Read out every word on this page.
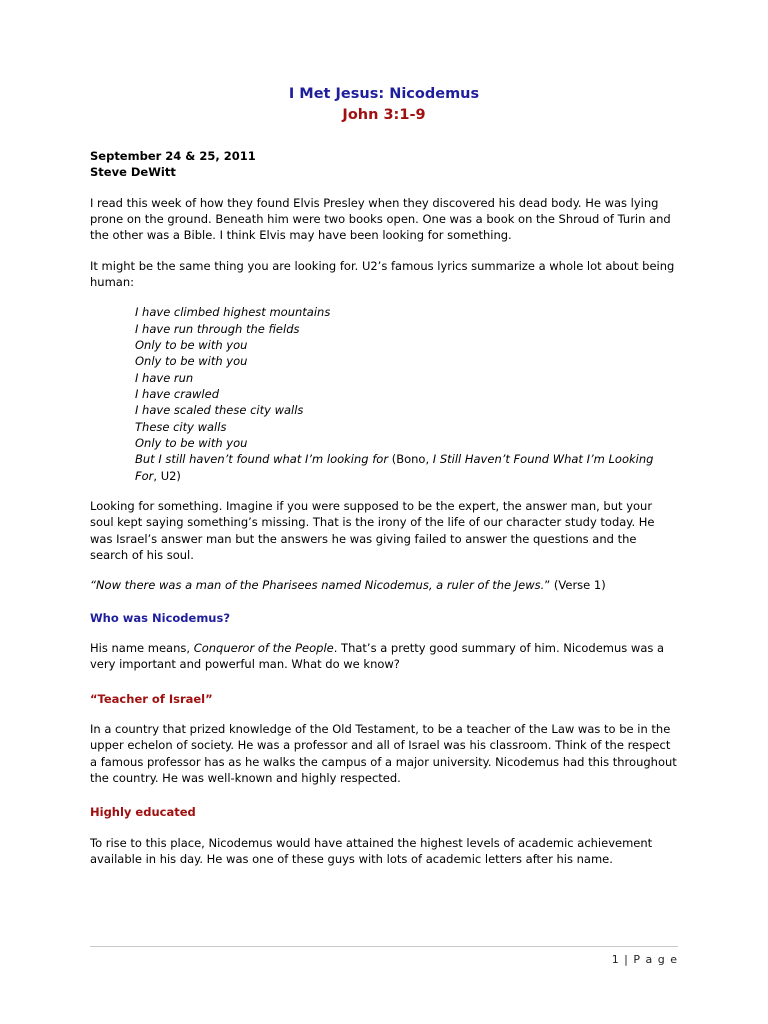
I Met Jesus: Nicodemus
John 3:1-9
September 24 & 25, 2011
Steve DeWitt

I read this week of how they found Elvis Presley when they discovered his dead body. He was lying prone on the ground. Beneath him were two books open. One was a book on the Shroud of Turin and the other was a Bible. I think Elvis may have been looking for something.

It might be the same thing you are looking for. U2’s famous lyrics summarize a whole lot about being human:

I have climbed highest mountains
I have run through the fields
Only to be with you
Only to be with you
I have run
I have crawled
I have scaled these city walls
These city walls
Only to be with you
But I still haven’t found what I’m looking for (Bono, I Still Haven’t Found What I’m Looking For, U2)

Looking for something. Imagine if you were supposed to be the expert, the answer man, but your soul kept saying something’s missing. That is the irony of the life of our character study today. He was Israel’s answer man but the answers he was giving failed to answer the questions and the search of his soul.

“Now there was a man of the Pharisees named Nicodemus, a ruler of the Jews.” (Verse 1)

Who was Nicodemus?

His name means, Conqueror of the People. That’s a pretty good summary of him. Nicodemus was a very important and powerful man. What do we know?

“Teacher of Israel”

In a country that prized knowledge of the Old Testament, to be a teacher of the Law was to be in the upper echelon of society. He was a professor and all of Israel was his classroom. Think of the respect a famous professor has as he walks the campus of a major university. Nicodemus had this throughout the country. He was well-known and highly respected.

Highly educated

To rise to this place, Nicodemus would have attained the highest levels of academic achievement available in his day. He was one of these guys with lots of academic letters after his name.

1 | P a g e
